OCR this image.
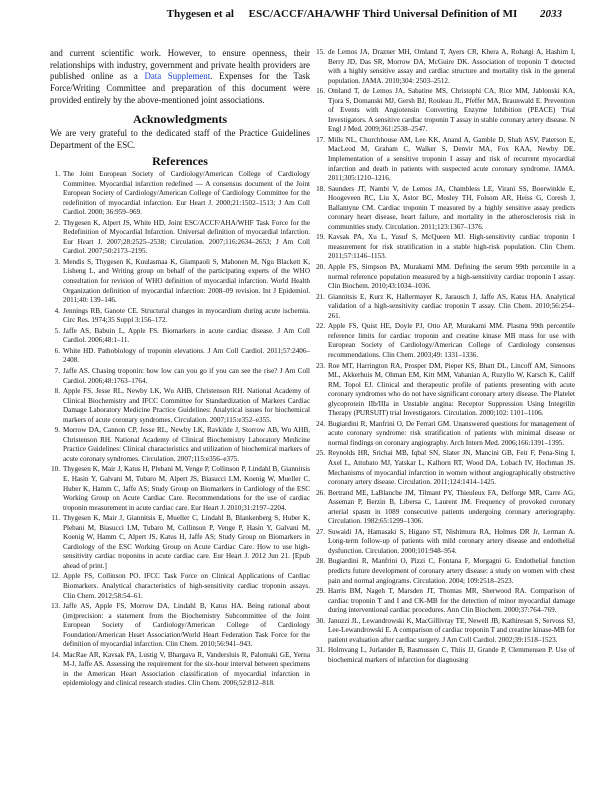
Thygesen et al ESC/ACCF/AHA/WHF Third Universal Definition of MI 2033

and current scientific work. However, to ensure openness, their relationships with industry, government and private health providers are published online as a Data Supplement. Expenses for the Task Force/Writing Committee and preparation of this document were provided entirely by the above-mentioned joint associations.

Acknowledgments

We are very grateful to the dedicated staff of the Practice Guidelines Department of the ESC.

References
1. The Joint European Society of Cardiology/American College of Cardiology Committee. Myocardial infarction redefined — A consensus document of the Joint European Society of Cardiology/American College of Cardiology Committee for the redefinition of myocardial infarction. Eur Heart J. 2000;21:1502–1513; J Am Coll Cardiol. 2000; 36:959–969.
2. Thygesen K, Alpert JS, White HD, Joint ESC/ACCF/AHA/WHF Task Force for the Redefinition of Myocardial Infarction. Universal definition of myocardial infarction. Eur Heart J. 2007;28:2525–2538; Circulation. 2007;116:2634–2653; J Am Coll Cardiol. 2007;50:2173–2195.
3. Mendis S, Thygesen K, Kuulasmaa K, Giampaoli S, Mahonen M, Ngu Blackett K, Lisheng L, and Writing group on behalf of the participating experts of the WHO consultation for revision of WHO definition of myocardial infarction. World Health Organization definition of myocardial infarction: 2008–09 revision. Int J Epidemiol. 2011;40: 139–146.
4. Jennings RB, Ganote CE. Structural changes in myocardium during acute ischemia. Circ Res. 1974;35 Suppl 3:156–172.
5. Jaffe AS, Babuin L, Apple FS. Biomarkers in acute cardiac disease. J Am Coll Cardiol. 2006;48:1–11.
6. White HD. Pathobiology of troponin elevations. J Am Coll Cardiol. 2011;57:2406–2408.
7. Jaffe AS. Chasing troponin: how low can you go if you can see the rise? J Am Coll Cardiol. 2006;48:1763–1764.
8. Apple FS, Jesse RL, Newby LK, Wu AHB, Christenson RH. National Academy of Clinical Biochemistry and IFCC Committee for Standardization of Markers Cardiac Damage Laboratory Medicine Practice Guidelines: Analytical issues for biochemical markers of acute coronary syndromes. Circulation. 2007;115:e352–e355.
9. Morrow DA, Cannon CP, Jesse RL, Newby LK, Ravkilde J, Storrow AB, Wu AHB, Christenson RH. National Academy of Clinical Biochemistry Laboratory Medicine Practice Guidelines: Clinical characteristics and utilization of biochemical markers of acute coronary syndromes. Circulation. 2007;115:e356–e375.
10. Thygesen K, Mair J, Katus H, Plebani M, Venge P, Collinson P, Lindahl B, Giannitsis E, Hasin Y, Galvani M, Tubaro M, Alpert JS, Biasucci LM, Koenig W, Mueller C, Huber K, Hamm C, Jaffe AS; Study Group on Biomarkers in Cardiology of the ESC Working Group on Acute Cardiac Care. Recommendations for the use of cardiac troponin measurement in acute cardiac care. Eur Heart J. 2010;31:2197–2204.
11. Thygesen K, Mair J, Giannitsis E, Mueller C, Lindahl B, Blankenberg S, Huber K, Plebani M, Biasucci LM, Tubaro M, Collinson P, Venge P, Hasin Y, Galvani M, Koenig W, Hamm C, Alpert JS, Katus H, Jaffe AS; Study Group on Biomarkers in Cardiology of the ESC Working Group on Acute Cardiac Care. How to use high-sensitivity cardiac troponins in acute cardiac care. Eur Heart J. 2012 Jun 21. [Epub ahead of print.]
12. Apple FS, Collinson PO. IFCC Task Force on Clinical Applications of Cardiac Biomarkers. Analytical characteristics of high-sensitivity cardiac troponin assays. Clin Chem. 2012;58:54–61.
13. Jaffe AS, Apple FS, Morrow DA, Lindahl B, Katus HA. Being rational about (im)precision: a statement from the Biochemistry Subcommittee of the Joint European Society of Cardiology/American College of Cardiology Foundation/American Heart Association/World Heart Federation Task Force for the definition of myocardial infarction. Clin Chem. 2010;56:941–943.
14. MacRae AR, Kavsak PA, Lustig V, Bhargava R, Vandersluis R, Palomaki GE, Yerna M-J, Jaffe AS. Assessing the requirement for the six-hour interval between specimens in the American Heart Association classification of myocardial infarction in epidemiology and clinical research studies. Clin Chem. 2006;52:812–818.
15. de Lemos JA, Drazner MH, Omland T, Ayers CR, Khera A, Rohatgi A, Hashim I, Berry JD, Das SR, Morrow DA, McGuire DK. Association of troponin T detected with a highly sensitive assay and cardiac structure and mortality risk in the general population. JAMA. 2010;304: 2503–2512.
16. Omland T, de Lemos JA, Sabatine MS, Christophi CA, Rice MM, Jablonski KA, Tjora S, Domanski MJ, Gersh BJ, Rouleau JL, Pfeffer MA, Braunwald E. Prevention of Events with Angiotensin Converting Enzyme Inhibition (PEACE) Trial Investigators. A sensitive cardiac troponin T assay in stable coronary artery disease. N Engl J Med. 2009;361:2538–2547.
17. Mills NL, Churchhouse AM, Lee KK, Anand A, Gamble D, Shah ASV, Paterson E, MacLeod M, Graham C, Walker S, Denvir MA, Fox KAA, Newby DE. Implementation of a sensitive troponin I assay and risk of recurrent myocardial infarction and death in patients with suspected acute coronary syndrome. JAMA. 2011;305:1210–1216.
18. Saunders JT, Nambi V, de Lemos JA, Chambless LE, Virani SS, Boerwinkle E, Hoogeveen RC, Liu X, Astor BC, Mosley TH, Folsom AR, Heiss G, Coresh J, Ballantyne CM. Cardiac troponin T measured by a highly sensitive assay predicts coronary heart disease, heart failure, and mortality in the atherosclerosis risk in communities study. Circulation. 2011;123:1367–1376.
19. Kavsak PA, Xu L, Yusuf S, McQueen MJ. High-sensitivity cardiac troponin I measurement for risk stratification in a stable high-risk population. Clin Chem. 2011;57:1146–1153.
20. Apple FS, Simpson PA, Murakami MM. Defining the serum 99th percentile in a normal reference population measured by a high-sensitivity cardiac troponin I assay. Clin Biochem. 2010;43:1034–1036.
21. Giannitsis E, Kurz K, Hallermayer K, Jarausch J, Jaffe AS, Katus HA. Analytical validation of a high-sensitivity cardiac troponin T assay. Clin Chem. 2010;56:254–261.
22. Apple FS, Quist HE, Doyle PJ, Otto AP, Murakami MM. Plasma 99th percentile reference limits for cardiac troponin and creatine kinase MB mass for use with European Society of Cardiology/American College of Cardiology consensus recommendations. Clin Chem. 2003;49: 1331–1336.
23. Roe MT, Harrington RA, Prosper DM, Pieper KS, Bhatt DL, Lincoff AM, Simoons ML, Akkerhuis M, Ohman EM, Kitt MM, Vahanian A, Ruzyllo W, Karsch K, Califf RM, Topol EJ. Clinical and therapeutic profile of patients presenting with acute coronary syndromes who do not have significant coronary artery disease. The Platelet glycoprotein IIb/IIIa in Unstable angina: Receptor Suppression Using Integrilin Therapy (PURSUIT) trial Investigators. Circulation. 2000;102: 1101–1106.
24. Bugiardini R, Manfrini O, De Ferrari GM. Unanswered questions for management of acute coronary syndrome: risk stratification of patients with minimal disease or normal findings on coronary angiography. Arch Intern Med. 2006;166:1391–1395.
25. Reynolds HR, Srichai MB, Iqbal SN, Slater JN, Mancini GB, Feit F, Pena-Sing I, Axel L, Attubato MJ, Yatskar L, Kalhorn RT, Wood DA, Lobach IV, Hochman JS. Mechanisms of myocardial infarction in women without angiographically obstructive coronary artery disease. Circulation. 2011;124:1414–1425.
26. Bertrand ME, LaBlanche JM, Tilmant PY, Thieuleux FA, Delforge MR, Carre AG, Asseman P, Berzin B, Libersa C, Laurent JM. Frequency of provoked coronary arterial spasm in 1089 consecutive patients undergoing coronary arteriography. Circulation. 1982;65:1299–1306.
27. Suwaidi JA, Hamasaki S, Higano ST, Nishimura RA, Holmes DR Jr, Lerman A. Long-term follow-up of patients with mild coronary artery disease and endothelial dysfunction. Circulation. 2000;101:948–954.
28. Bugiardini R, Manfrini O, Pizzi C, Fontana F, Morgagni G. Endothelial function predicts future development of coronary artery disease: a study on women with chest pain and normal angiograms. Circulation. 2004; 109:2518–2523.
29. Harris BM, Nageh T, Marsden JT, Thomas MR, Sherwood RA. Comparison of cardiac troponin T and I and CK-MB for the detection of minor myocardial damage during interventional cardiac procedures. Ann Clin Biochem. 2000;37:764–769.
30. Januzzi JL, Lewandrowski K, MacGillivray TE, Newell JB, Kathiresan S, Servoss SJ, Lee-Lewandrowski E. A comparison of cardiac troponin T and creatine kinase-MB for patient evaluation after cardiac surgery. J Am Coll Cardiol. 2002;39:1518–1523.
31. Holmvang L, Jurlander B, Rasmussen C, Thiis JJ, Grande P, Clemmensen P. Use of biochemical markers of infarction for diagnosing
